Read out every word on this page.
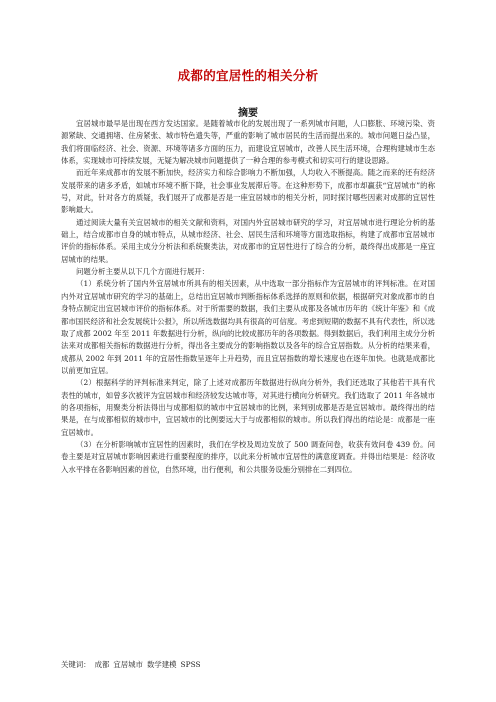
成都的宜居性的相关分析
摘要

宜居城市最早是出现在西方发达国家。是随着城市化的发展出现了一系列城市问题，人口膨胀、环境污染、资源紧缺、交通拥堵、住房紧张、城市特色遗失等，严重的影响了城市居民的生活而提出来的。城市问题日益凸显，我们将面临经济、社会、资源、环境等诸多方面的压力，而建设宜居城市，改善人民生活环境，合理构建城市生态体系，实现城市可持续发展，无疑为解决城市问题提供了一种合理的参考模式和切实可行的建设思路。

而近年来成都市的发展不断加快，经济实力和综合影响力不断加强，人均收入不断提高。随之而来的还有经济发展带来的诸多矛盾，如城市环境不断下降，社会事业发展滞后等。在这种形势下，成都市却赢获“宜居城市”的称号，对此，针对各方的质疑，我们展开了成都是否是一座宜居城市的相关分析，同时探讨哪些因素对成都的宜居性影响最大。

通过阅读大量有关宜居城市的相关文献和资料，对国内外宜居城市研究的学习，对宜居城市进行理论分析的基础上，结合成都市自身的城市特点，从城市经济、社会、居民生活和环境等方面选取指标，构建了成都市宜居城市评价的指标体系。采用主成分分析法和系统聚类法，对成都市的宜居性进行了综合的分析，最终得出成都是一座宜居城市的结果。

问题分析主要从以下几个方面进行展开：

（1）系统分析了国内外宜居城市所具有的相关因素，从中选取一部分指标作为宜居城市的评判标准。在对国内外对宜居城市研究的学习的基础上，总结出宜居城市判断指标体系选择的原则和依据，根据研究对象成都市的自身特点制定出宜居城市评价的指标体系。对于所需要的数据，我们主要从成都及各城市历年的《统计年鉴》和《成都市国民经济和社会发展统计公报》，所以所选数据均具有很高的可信度。考虑到短期的数据不具有代表性，所以选取了成都 2002 年至 2011 年数据进行分析，纵向的比较成都历年的各项数据。得到数据后，我们利用主成分分析法来对成都相关指标的数据进行分析，得出各主要成分的影响指数以及各年的综合宜居指数。从分析的结果来看，成都从 2002 年到 2011 年的宜居性指数呈逐年上升趋势，而且宜居指数的增长速度也在逐年加快。也就是成都比以前更加宜居。

（2）根据科学的评判标准来判定，除了上述对成都历年数据进行纵向分析外，我们还选取了其他若干具有代表性的城市，如曾多次被评为宜居城市和经济较发达城市等，对其进行横向分析研究。我们选取了 2011 年各城市的各项指标，用聚类分析法得出与成都相似的城市中宜居城市的比例，来判别成都是否是宜居城市。最终得出的结果是，在与成都相似的城市中，宜居城市的比例要远大于与成都相似的城市。所以我们得出的结论是：成都是一座宜居城市。

（3）在分析影响城市宜居性的因素时，我们在学校及周边发放了 500 调查问卷，收获有效问卷 439 份。问卷主要是对宜居城市影响因素进行重要程度的排序，以此来分析城市宜居性的满意度调查。并得出结果是：经济收入水平排在各影响因素的首位，自然环境，出行便利，和公共服务设施分别排在二到四位。

关键词： 成都 宜居城市 数学建模 SPSS
